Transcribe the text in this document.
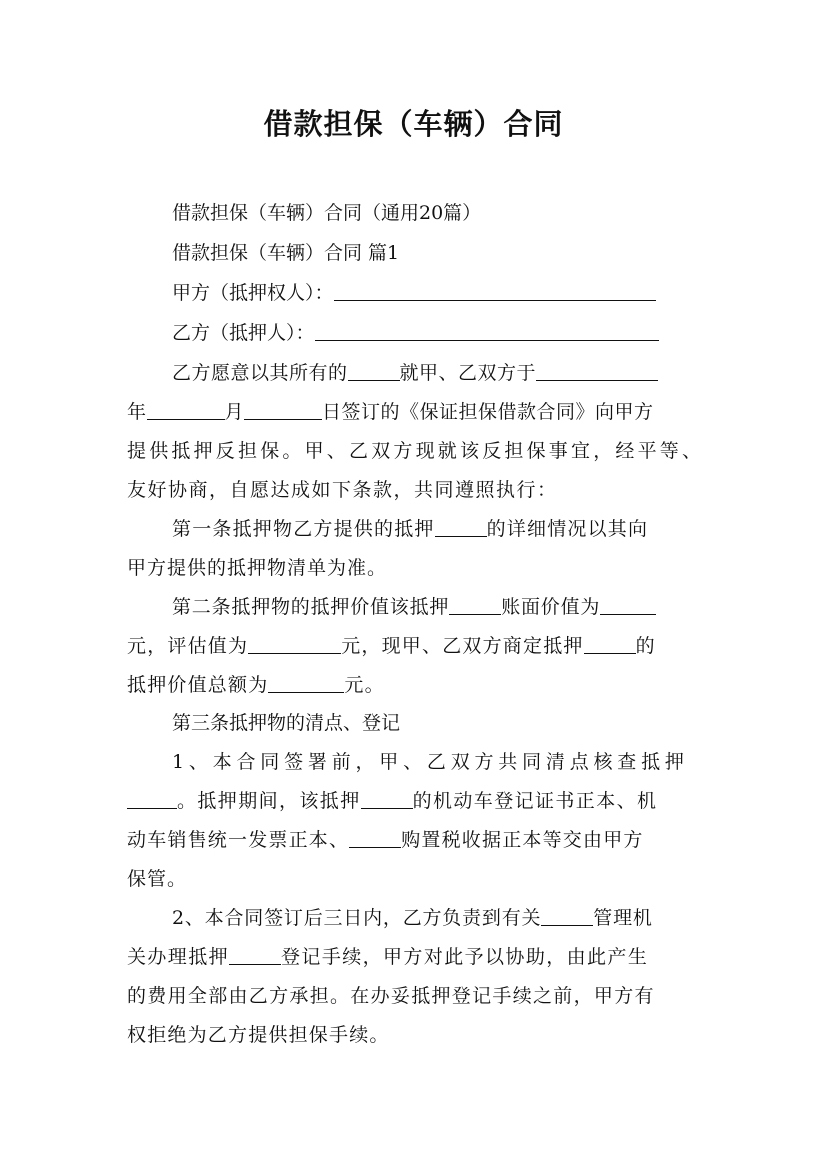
借款担保（车辆）合同
借款担保（车辆）合同（通用20篇）
借款担保（车辆）合同 篇1
甲方（抵押权人）：
乙方（抵押人）：
乙方愿意以其所有的	就甲、乙双方于
年	月	日签订的《保证担保借款合同》向甲方
提供抵押反担保。甲、乙双方现就该反担保事宜，经平等、
友好协商，自愿达成如下条款，共同遵照执行：
第一条抵押物乙方提供的抵押	的详细情况以其向
甲方提供的抵押物清单为准。
第二条抵押物的抵押价值该抵押	账面价值为
元，评估值为	元，现甲、乙双方商定抵押	的
抵押价值总额为	元。
第三条抵押物的清点、登记
1、本合同签署前，甲、乙双方共同清点核查抵押
。抵押期间，该抵押	的机动车登记证书正本、机
动车销售统一发票正本、	购置税收据正本等交由甲方
保管。
2、本合同签订后三日内，乙方负责到有关	管理机
关办理抵押	登记手续，甲方对此予以协助，由此产生
的费用全部由乙方承担。在办妥抵押登记手续之前，甲方有
权拒绝为乙方提供担保手续。
